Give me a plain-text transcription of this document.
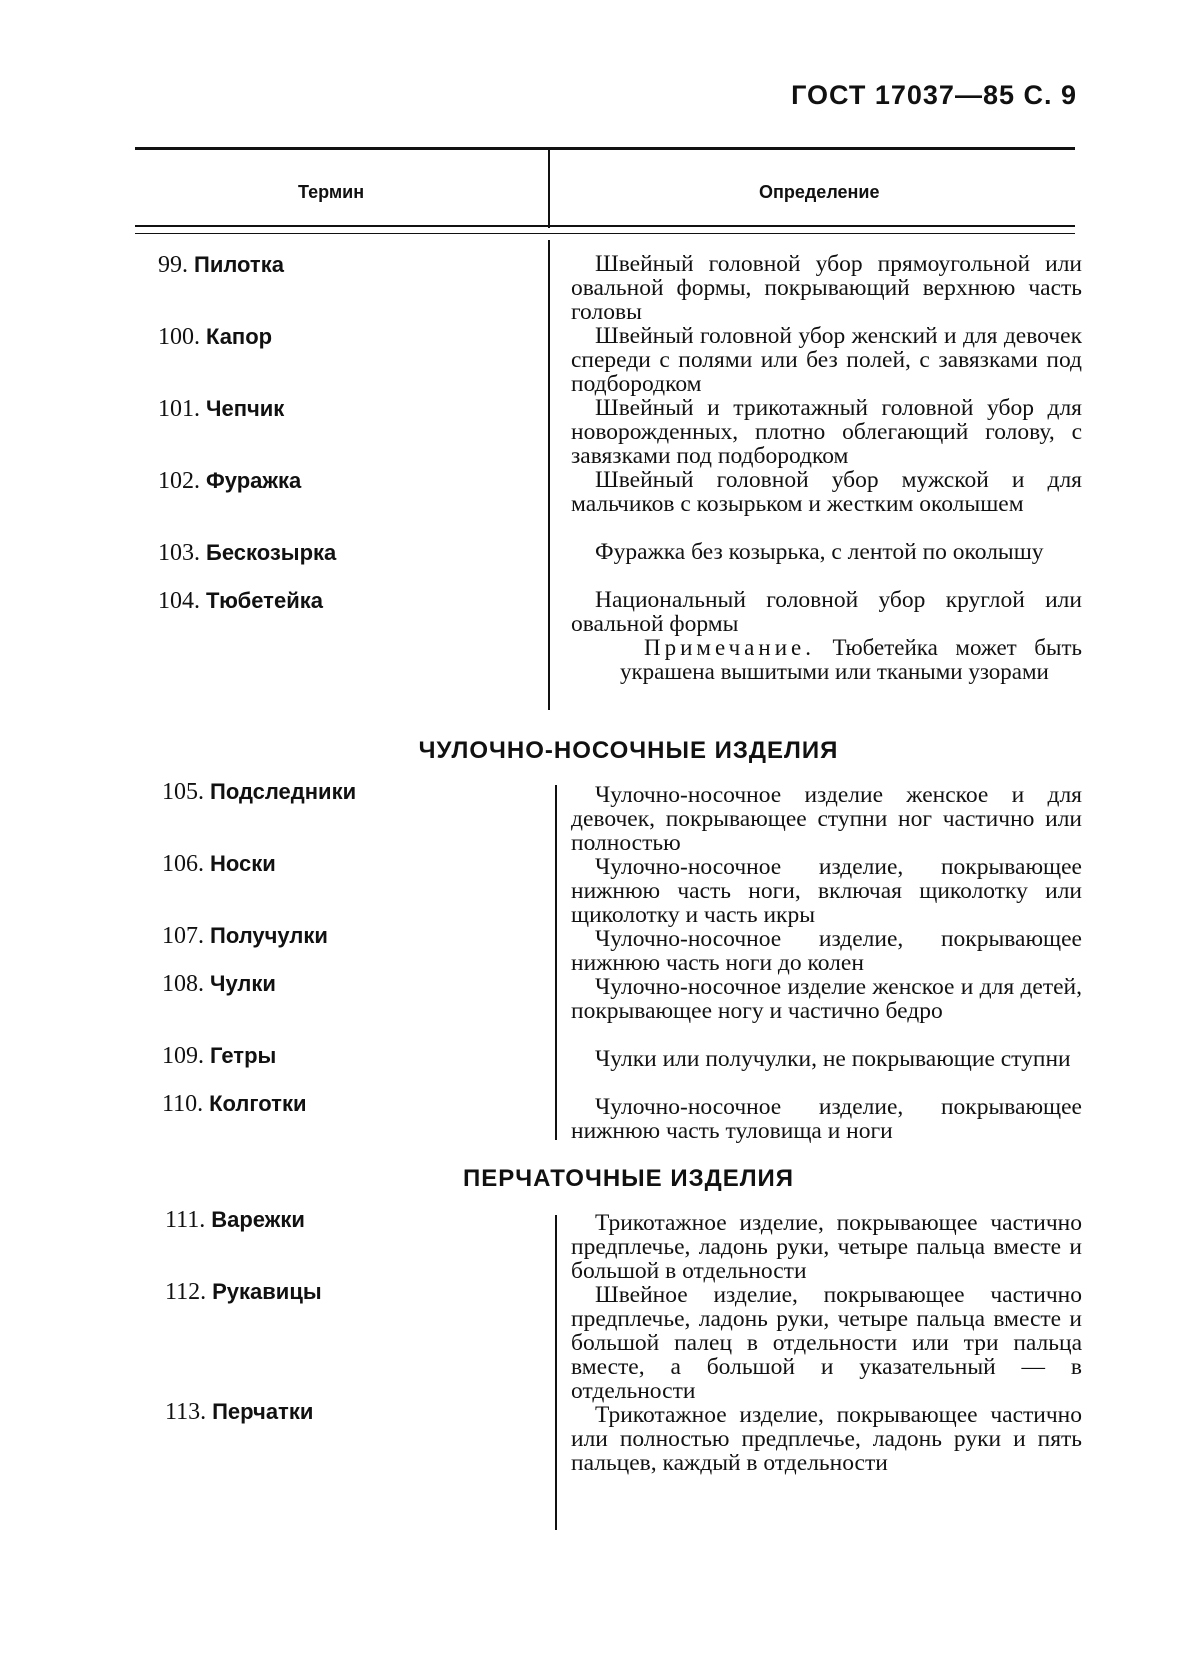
ГОСТ 17037—85 С. 9
Термин	Определение
99. Пилотка	Швейный головной убор прямоугольной или овальной формы, покрывающий верхнюю часть головы
100. Капор	Швейный головной убор женский и для девочек спереди с полями или без полей, с завязками под подбородком
101. Чепчик	Швейный и трикотажный головной убор для новорожденных, плотно облегающий голову, с завязками под подбородком
102. Фуражка	Швейный головной убор мужской и для мальчиков с козырьком и жестким околышем
103. Бескозырка	Фуражка без козырька, с лентой по околышу
104. Тюбетейка	Национальный головной убор круглой или овальной формы
Примечание. Тюбетейка может быть украшена вышитыми или ткаными узорами
ЧУЛОЧНО-НОСОЧНЫЕ ИЗДЕЛИЯ
105. Подследники	Чулочно-носочное изделие женское и для девочек, покрывающее ступни ног частично или полностью
106. Носки	Чулочно-носочное изделие, покрывающее нижнюю часть ноги, включая щиколотку или щиколотку и часть икры
107. Получулки	Чулочно-носочное изделие, покрывающее нижнюю часть ноги до колен
108. Чулки	Чулочно-носочное изделие женское и для детей, покрывающее ногу и частично бедро
109. Гетры	Чулки или получулки, не покрывающие ступни
110. Колготки	Чулочно-носочное изделие, покрывающее нижнюю часть туловища и ноги
ПЕРЧАТОЧНЫЕ ИЗДЕЛИЯ
111. Варежки	Трикотажное изделие, покрывающее частично предплечье, ладонь руки, четыре пальца вместе и большой в отдельности
112. Рукавицы	Швейное изделие, покрывающее частично предплечье, ладонь руки, четыре пальца вместе и большой палец в отдельности или три пальца вместе, а большой и указательный — в отдельности
113. Перчатки	Трикотажное изделие, покрывающее частично или полностью предплечье, ладонь руки и пять пальцев, каждый в отдельности
